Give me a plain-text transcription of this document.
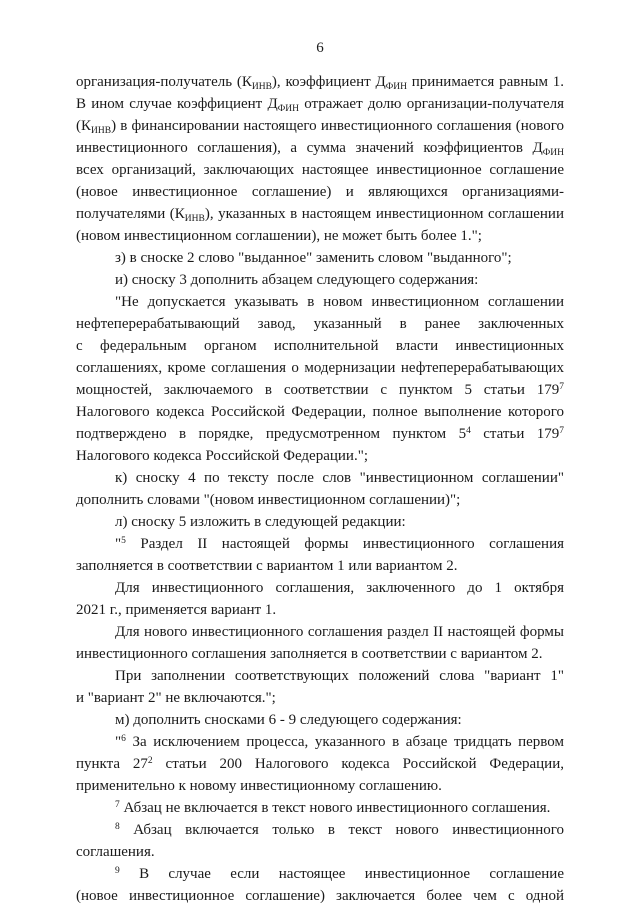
6
организация-получатель $(К_{ИНВ})$, коэффициент $Д_{ФИН}$ принимается равным 1.
В ином случае коэффициент $Д_{ФИН}$ отражает долю организации-получателя
$(К_{ИНВ})$ в финансировании настоящего инвестиционного соглашения (нового
инвестиционного соглашения), а сумма значений коэффициентов $Д_{ФИН}$
всех организаций, заключающих настоящее инвестиционное соглашение
(новое инвестиционное соглашение) и являющихся организациями-
получателями $(К_{ИНВ})$, указанных в настоящем инвестиционном соглашении
(новом инвестиционном соглашении), не может быть более 1.";
з) в сноске 2 слово "выданное" заменить словом "выданного";
и) сноску 3 дополнить абзацем следующего содержания:
"Не допускается указывать в новом инвестиционном соглашении
нефтеперерабатывающий завод, указанный в ранее заключенных
с федеральным органом исполнительной власти инвестиционных
соглашениях, кроме соглашения о модернизации нефтеперерабатывающих
мощностей, заключаемого в соответствии с пунктом 5 статьи $179^7$
Налогового кодекса Российской Федерации, полное выполнение которого
подтверждено в порядке, предусмотренном пунктом $5^4$ статьи $179^7$
Налогового кодекса Российской Федерации.";
к) сноску 4 по тексту после слов "инвестиционном соглашении"
дополнить словами "(новом инвестиционном соглашении)";
л) сноску 5 изложить в следующей редакции:
"$^5$ Раздел II настоящей формы инвестиционного соглашения
заполняется в соответствии с вариантом 1 или вариантом 2.
Для инвестиционного соглашения, заключенного до 1 октября
2021 г., применяется вариант 1.
Для нового инвестиционного соглашения раздел II настоящей формы
инвестиционного соглашения заполняется в соответствии с вариантом 2.
При заполнении соответствующих положений слова "вариант 1"
и "вариант 2" не включаются.";
м) дополнить сносками 6 - 9 следующего содержания:
"$^6$ За исключением процесса, указанного в абзаце тридцать первом
пункта $27^2$ статьи 200 Налогового кодекса Российской Федерации,
применительно к новому инвестиционному соглашению.
$^7$ Абзац не включается в текст нового инвестиционного соглашения.
$^8$ Абзац включается только в текст нового инвестиционного
соглашения.
$^9$ В случае если настоящее инвестиционное соглашение
(новое инвестиционное соглашение) заключается более чем с одной
